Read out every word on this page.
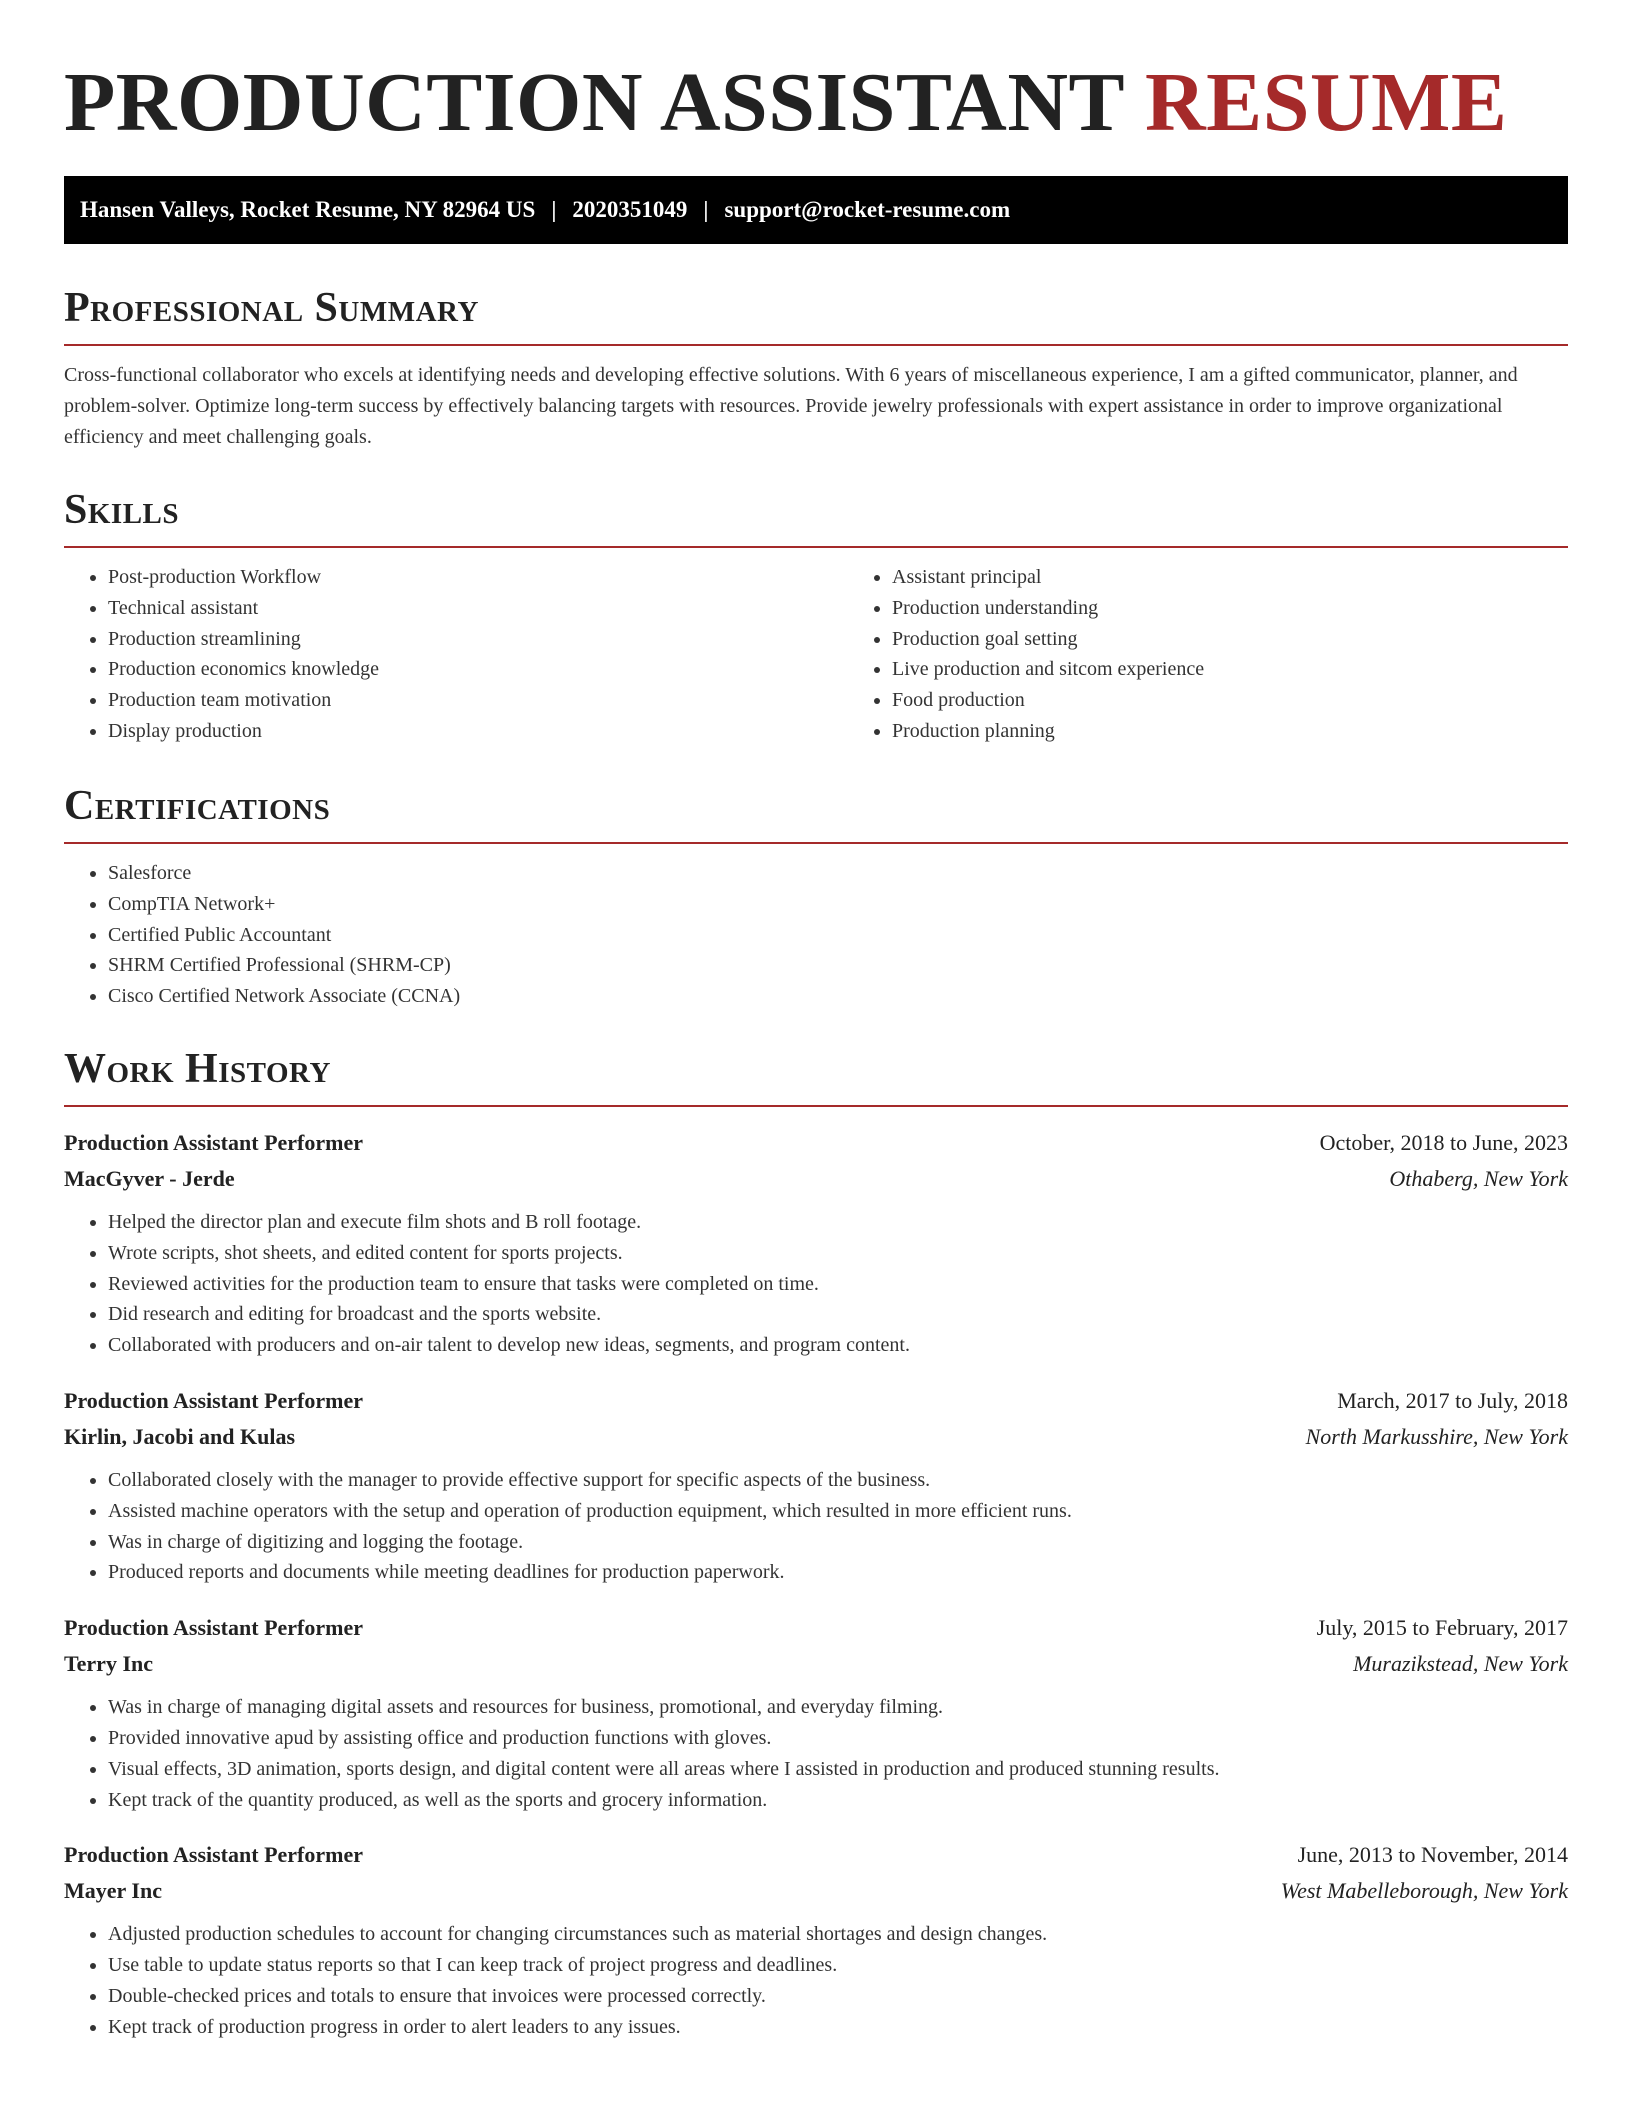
PRODUCTION ASSISTANT RESUME
Hansen Valleys, Rocket Resume, NY 82964 US | 2020351049 | support@rocket-resume.com
Professional Summary

Cross-functional collaborator who excels at identifying needs and developing effective solutions. With 6 years of miscellaneous experience, I am a gifted communicator, planner, and problem-solver. Optimize long-term success by effectively balancing targets with resources. Provide jewelry professionals with expert assistance in order to improve organizational efficiency and meet challenging goals.

Skills
• Post-production Workflow
• Technical assistant
• Production streamlining
• Production economics knowledge
• Production team motivation
• Display production
• Assistant principal
• Production understanding
• Production goal setting
• Live production and sitcom experience
• Food production
• Production planning
Certifications
• Salesforce
• CompTIA Network+
• Certified Public Accountant
• SHRM Certified Professional (SHRM-CP)
• Cisco Certified Network Associate (CCNA)
Work History
Production Assistant Performer	October, 2018 to June, 2023
MacGyver - Jerde	Othaberg, New York
• Helped the director plan and execute film shots and B roll footage.
• Wrote scripts, shot sheets, and edited content for sports projects.
• Reviewed activities for the production team to ensure that tasks were completed on time.
• Did research and editing for broadcast and the sports website.
• Collaborated with producers and on-air talent to develop new ideas, segments, and program content.
Production Assistant Performer	March, 2017 to July, 2018
Kirlin, Jacobi and Kulas	North Markusshire, New York
• Collaborated closely with the manager to provide effective support for specific aspects of the business.
• Assisted machine operators with the setup and operation of production equipment, which resulted in more efficient runs.
• Was in charge of digitizing and logging the footage.
• Produced reports and documents while meeting deadlines for production paperwork.
Production Assistant Performer	July, 2015 to February, 2017
Terry Inc	Murazikstead, New York
• Was in charge of managing digital assets and resources for business, promotional, and everyday filming.
• Provided innovative apud by assisting office and production functions with gloves.
• Visual effects, 3D animation, sports design, and digital content were all areas where I assisted in production and produced stunning results.
• Kept track of the quantity produced, as well as the sports and grocery information.
Production Assistant Performer	June, 2013 to November, 2014
Mayer Inc	West Mabelleborough, New York
• Adjusted production schedules to account for changing circumstances such as material shortages and design changes.
• Use table to update status reports so that I can keep track of project progress and deadlines.
• Double-checked prices and totals to ensure that invoices were processed correctly.
• Kept track of production progress in order to alert leaders to any issues.
